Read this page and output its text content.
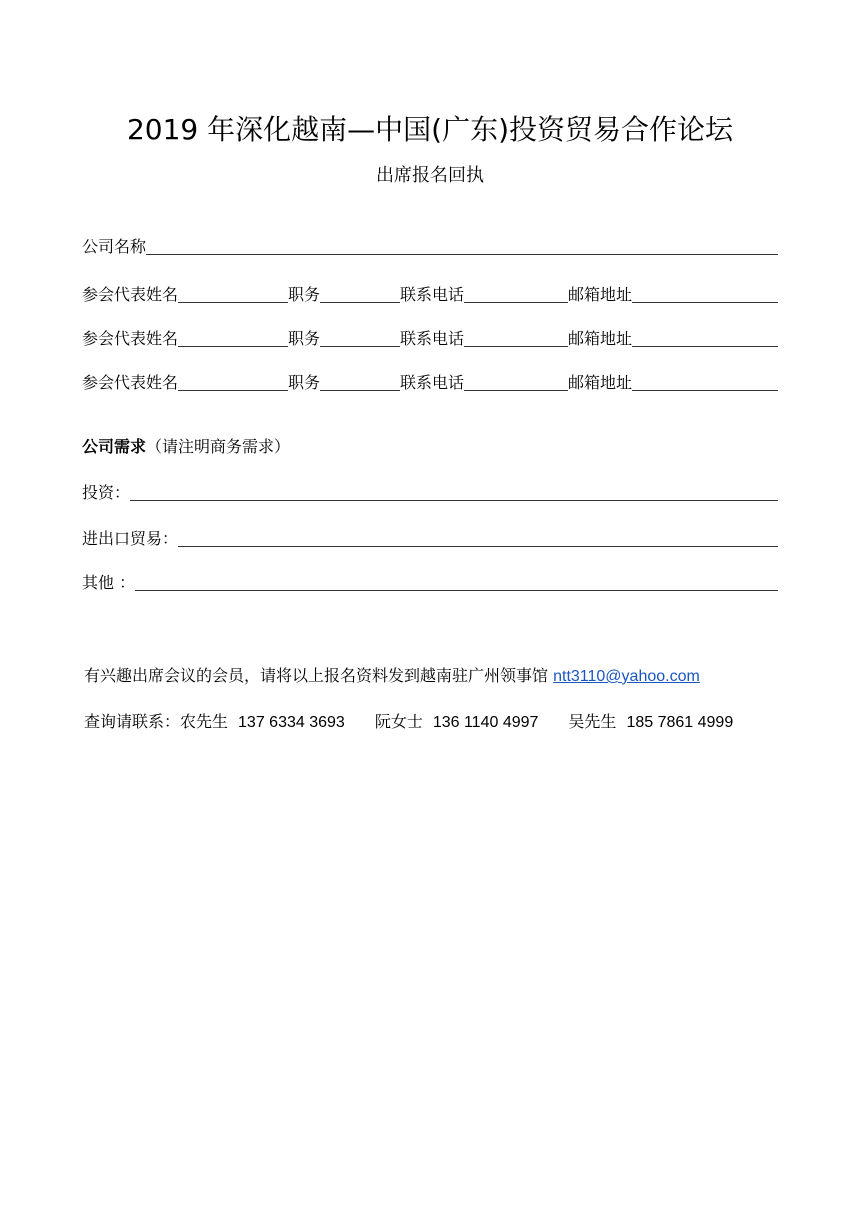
2019 年深化越南—中国(广东)投资贸易合作论坛
出席报名回执
公司名称
参会代表姓名	职务	联系电话	邮箱地址
参会代表姓名	职务	联系电话	邮箱地址
参会代表姓名	职务	联系电话	邮箱地址
公司需求 （请注明商务需求）
投资：
进出口贸易：
其他 ：
有兴趣出席会议的会员，请将以上报名资料发到越南驻广州领事馆 ntt3110@yahoo.com
查询请联系：农先生 137 6334 3693 阮女士 136 1140 4997 吴先生 185 7861 4999
